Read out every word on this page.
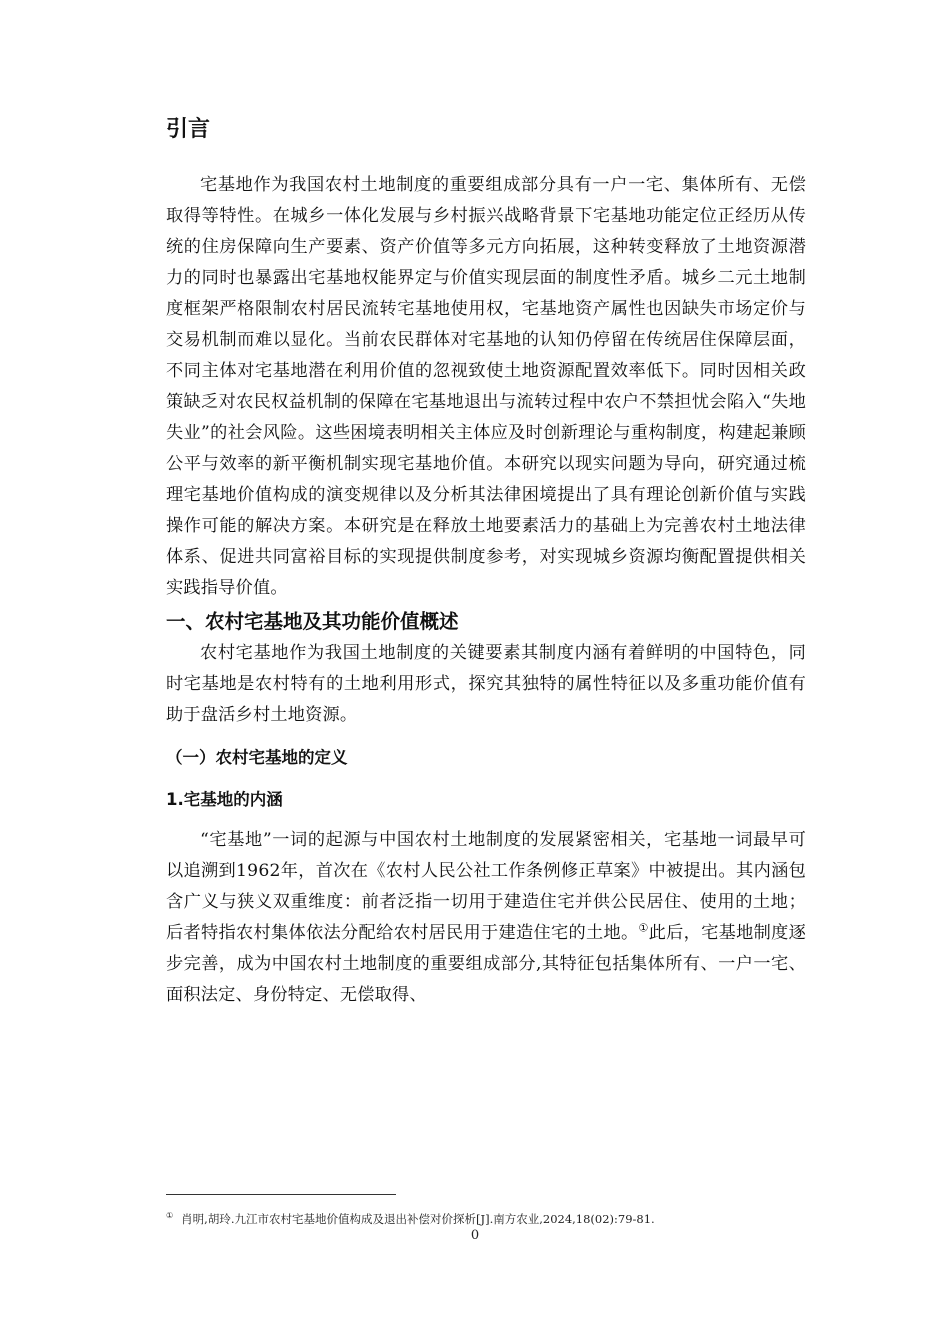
引言

宅基地作为我国农村土地制度的重要组成部分具有一户一宅、集体所有、无偿取得等特性。在城乡一体化发展与乡村振兴战略背景下宅基地功能定位正经历从传统的住房保障向生产要素、资产价值等多元方向拓展，这种转变释放了土地资源潜力的同时也暴露出宅基地权能界定与价值实现层面的制度性矛盾。城乡二元土地制度框架严格限制农村居民流转宅基地使用权，宅基地资产属性也因缺失市场定价与交易机制而难以显化。当前农民群体对宅基地的认知仍停留在传统居住保障层面，不同主体对宅基地潜在利用价值的忽视致使土地资源配置效率低下。同时因相关政策缺乏对农民权益机制的保障在宅基地退出与流转过程中农户不禁担忧会陷入“失地失业”的社会风险。这些困境表明相关主体应及时创新理论与重构制度，构建起兼顾公平与效率的新平衡机制实现宅基地价值。本研究以现实问题为导向，研究通过梳理宅基地价值构成的演变规律以及分析其法律困境提出了具有理论创新价值与实践操作可能的解决方案。本研究是在释放土地要素活力的基础上为完善农村土地法律体系、促进共同富裕目标的实现提供制度参考，对实现城乡资源均衡配置提供相关实践指导价值。

一、农村宅基地及其功能价值概述

农村宅基地作为我国土地制度的关键要素其制度内涵有着鲜明的中国特色，同时宅基地是农村特有的土地利用形式，探究其独特的属性特征以及多重功能价值有助于盘活乡村土地资源。

（一）农村宅基地的定义
1.宅基地的内涵

“宅基地”一词的起源与中国农村土地制度的发展紧密相关，宅基地一词最早可以追溯到1962年，首次在《农村人民公社工作条例修正草案》中被提出。其内涵包含广义与狭义双重维度：前者泛指一切用于建造住宅并供公民居住、使用的土地；后者特指农村集体依法分配给农村居民用于建造住宅的土地。①此后，宅基地制度逐步完善，成为中国农村土地制度的重要组成部分,其特征包括集体所有、一户一宅、面积法定、身份特定、无偿取得、

① 肖明,胡玲.九江市农村宅基地价值构成及退出补偿对价探析[J].南方农业,2024,18(02):79-81.
0
